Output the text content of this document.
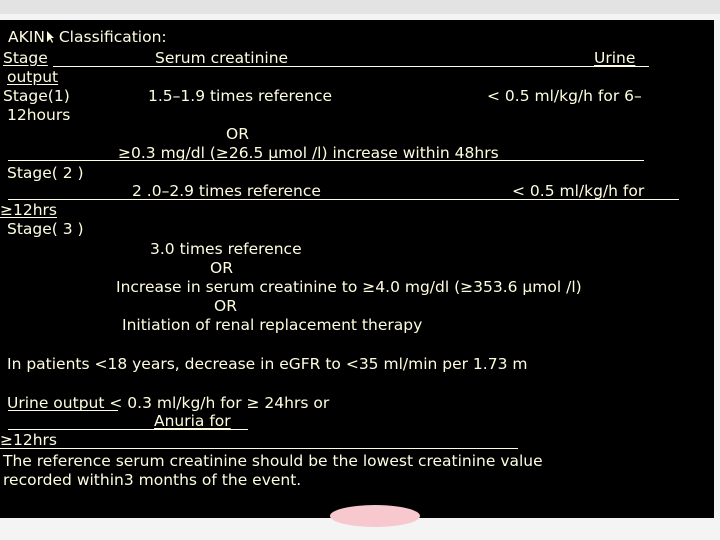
AKIN Classification:
Stage	Serum creatinine	Urine
output
Stage(1)	1.5–1.9 times reference	< 0.5 ml/kg/h for 6–
12hours
OR
≥0.3 mg/dl (≥26.5 μmol /l) increase within 48hrs
Stage( 2 )
2 .0–2.9 times reference	< 0.5 ml/kg/h for
≥12hrs
Stage( 3 )
3.0 times reference
OR
Increase in serum creatinine to ≥4.0 mg/dl (≥353.6 μmol /l)
OR
Initiation of renal replacement therapy
In patients <18 years, decrease in eGFR to <35 ml/min per 1.73 m
Urine output < 0.3 ml/kg/h for ≥ 24hrs or
Anuria for
≥12hrs
The reference serum creatinine should be the lowest creatinine value
recorded within3 months of the event.
